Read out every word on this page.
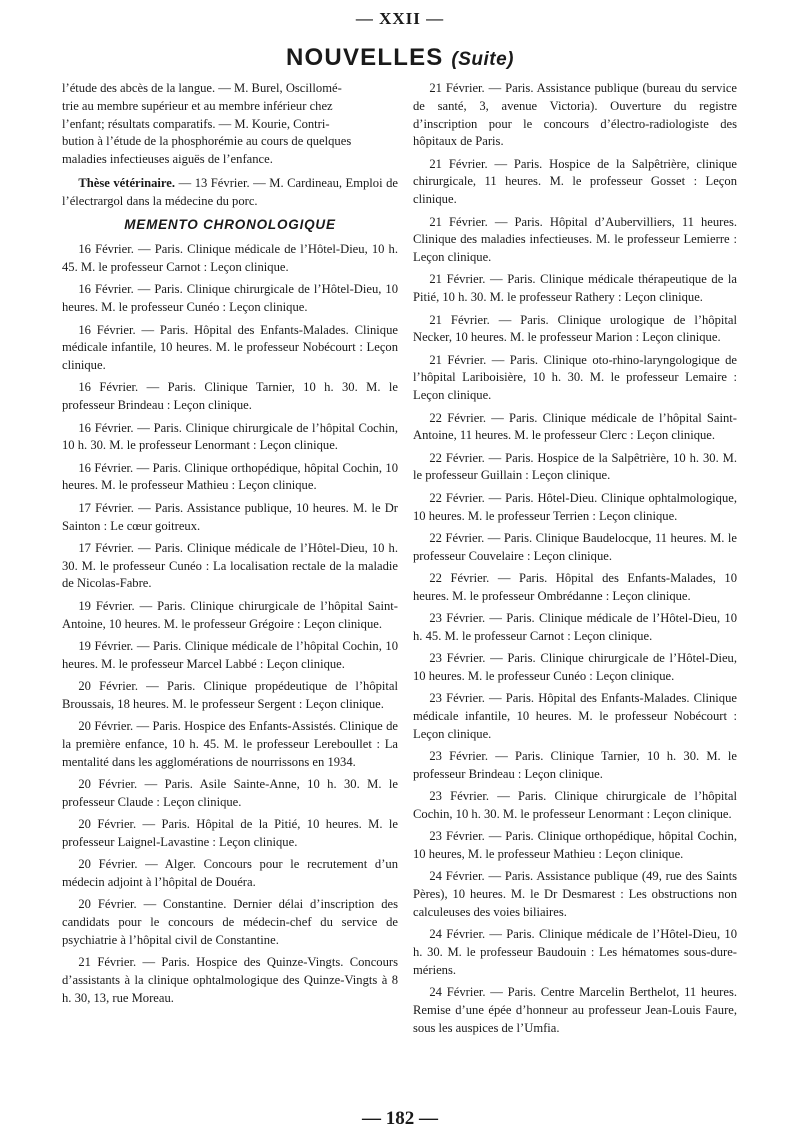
— XXII —
NOUVELLES (Suite)
l’étude des abcès de la langue. — M. Burel, Oscillomé-
trie au membre supérieur et au membre inférieur chez
l’enfant; résultats comparatifs. — M. Kourie, Contri-
bution à l’étude de la phosphorémie au cours de quelques
maladies infectieuses aiguës de l’enfance.

Thèse vétérinaire. — 13 Février. — M. Cardineau, Emploi de l’électrargol dans la médecine du porc.

MEMENTO CHRONOLOGIQUE

16 Février. — Paris. Clinique médicale de l’Hôtel-Dieu, 10 h. 45. M. le professeur Carnot : Leçon clinique.

16 Février. — Paris. Clinique chirurgicale de l’Hôtel-Dieu, 10 heures. M. le professeur Cunéo : Leçon clinique.

16 Février. — Paris. Hôpital des Enfants-Malades. Clinique médicale infantile, 10 heures. M. le professeur Nobécourt : Leçon clinique.

16 Février. — Paris. Clinique Tarnier, 10 h. 30. M. le professeur Brindeau : Leçon clinique.

16 Février. — Paris. Clinique chirurgicale de l’hôpital Cochin, 10 h. 30. M. le professeur Lenormant : Leçon clinique.

16 Février. — Paris. Clinique orthopédique, hôpital Cochin, 10 heures. M. le professeur Mathieu : Leçon clinique.

17 Février. — Paris. Assistance publique, 10 heures. M. le Dr Sainton : Le cœur goitreux.

17 Février. — Paris. Clinique médicale de l’Hôtel-Dieu, 10 h. 30. M. le professeur Cunéo : La localisation rectale de la maladie de Nicolas-Fabre.

19 Février. — Paris. Clinique chirurgicale de l’hôpital Saint-Antoine, 10 heures. M. le professeur Grégoire : Leçon clinique.

19 Février. — Paris. Clinique médicale de l’hôpital Cochin, 10 heures. M. le professeur Marcel Labbé : Leçon clinique.

20 Février. — Paris. Clinique propédeutique de l’hôpital Broussais, 18 heures. M. le professeur Sergent : Leçon clinique.

20 Février. — Paris. Hospice des Enfants-Assistés. Clinique de la première enfance, 10 h. 45. M. le professeur Lereboullet : La mentalité dans les agglomérations de nourrissons en 1934.

20 Février. — Paris. Asile Sainte-Anne, 10 h. 30. M. le professeur Claude : Leçon clinique.

20 Février. — Paris. Hôpital de la Pitié, 10 heures. M. le professeur Laignel-Lavastine : Leçon clinique.

20 Février. — Alger. Concours pour le recrutement d’un médecin adjoint à l’hôpital de Douéra.

20 Février. — Constantine. Dernier délai d’inscription des candidats pour le concours de médecin-chef du service de psychiatrie à l’hôpital civil de Constantine.

21 Février. — Paris. Hospice des Quinze-Vingts. Concours d’assistants à la clinique ophtalmologique des Quinze-Vingts à 8 h. 30, 13, rue Moreau.

21 Février. — Paris. Assistance publique (bureau du service de santé, 3, avenue Victoria). Ouverture du registre d’inscription pour le concours d’électro-radiologiste des hôpitaux de Paris.

21 Février. — Paris. Hospice de la Salpêtrière, clinique chirurgicale, 11 heures. M. le professeur Gosset : Leçon clinique.

21 Février. — Paris. Hôpital d’Aubervilliers, 11 heures. Clinique des maladies infectieuses. M. le professeur Lemierre : Leçon clinique.

21 Février. — Paris. Clinique médicale thérapeutique de la Pitié, 10 h. 30. M. le professeur Rathery : Leçon clinique.

21 Février. — Paris. Clinique urologique de l’hôpital Necker, 10 heures. M. le professeur Marion : Leçon clinique.

21 Février. — Paris. Clinique oto-rhino-laryngologique de l’hôpital Lariboisière, 10 h. 30. M. le professeur Lemaire : Leçon clinique.

22 Février. — Paris. Clinique médicale de l’hôpital Saint-Antoine, 11 heures. M. le professeur Clerc : Leçon clinique.

22 Février. — Paris. Hospice de la Salpêtrière, 10 h. 30. M. le professeur Guillain : Leçon clinique.

22 Février. — Paris. Hôtel-Dieu. Clinique ophtalmologique, 10 heures. M. le professeur Terrien : Leçon clinique.

22 Février. — Paris. Clinique Baudelocque, 11 heures. M. le professeur Couvelaire : Leçon clinique.

22 Février. — Paris. Hôpital des Enfants-Malades, 10 heures. M. le professeur Ombrédanne : Leçon clinique.

23 Février. — Paris. Clinique médicale de l’Hôtel-Dieu, 10 h. 45. M. le professeur Carnot : Leçon clinique.

23 Février. — Paris. Clinique chirurgicale de l’Hôtel-Dieu, 10 heures. M. le professeur Cunéo : Leçon clinique.

23 Février. — Paris. Hôpital des Enfants-Malades. Clinique médicale infantile, 10 heures. M. le professeur Nobécourt : Leçon clinique.

23 Février. — Paris. Clinique Tarnier, 10 h. 30. M. le professeur Brindeau : Leçon clinique.

23 Février. — Paris. Clinique chirurgicale de l’hôpital Cochin, 10 h. 30. M. le professeur Lenormant : Leçon clinique.

23 Février. — Paris. Clinique orthopédique, hôpital Cochin, 10 heures, M. le professeur Mathieu : Leçon clinique.

24 Février. — Paris. Assistance publique (49, rue des Saints Pères), 10 heures. M. le Dr Desmarest : Les obstructions non calculeuses des voies biliaires.

24 Février. — Paris. Clinique médicale de l’Hôtel-Dieu, 10 h. 30. M. le professeur Baudouin : Les hématomes sous-dure-mériens.

24 Février. — Paris. Centre Marcelin Berthelot, 11 heures. Remise d’une épée d’honneur au professeur Jean-Louis Faure, sous les auspices de l’Umfia.

— 182 —
